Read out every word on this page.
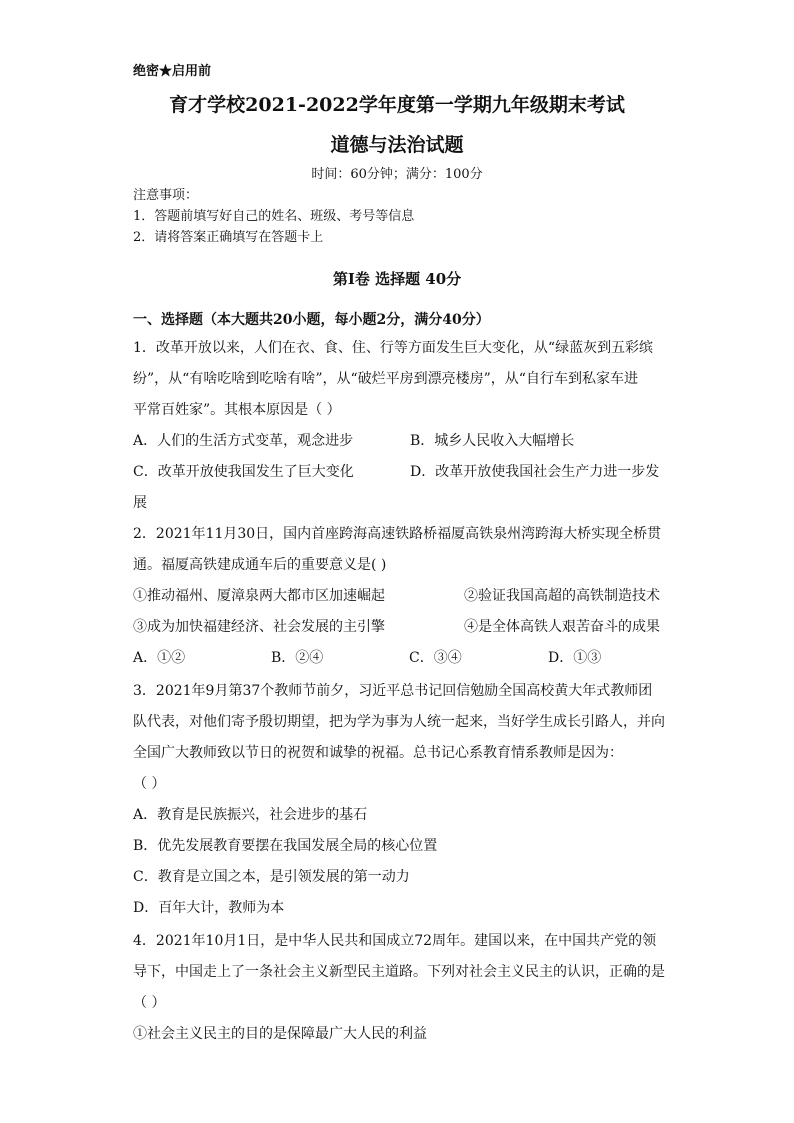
绝密★启用前
育才学校2021-2022学年度第一学期九年级期末考试
道德与法治试题
时间：60分钟；满分：100分
注意事项：
1．答题前填写好自己的姓名、班级、考号等信息
2．请将答案正确填写在答题卡上
第I卷 选择题 40分
一、选择题（本大题共20小题，每小题2分，满分40分）
1．改革开放以来，人们在衣、食、住、行等方面发生巨大变化，从“绿蓝灰到五彩缤
纷”，从“有啥吃啥到吃啥有啥”，从“破烂平房到漂亮楼房”，从“自行车到私家车进
平常百姓家”。其根本原因是（ ）
A．人们的生活方式变革，观念进步	B．城乡人民收入大幅增长
C．改革开放使我国发生了巨大变化	D．改革开放使我国社会生产力进一步发
展
2．2021年11月30日，国内首座跨海高速铁路桥福厦高铁泉州湾跨海大桥实现全桥贯
通。福厦高铁建成通车后的重要意义是( )
①推动福州、厦漳泉两大都市区加速崛起	②验证我国高超的高铁制造技术
③成为加快福建经济、社会发展的主引擎	④是全体高铁人艰苦奋斗的成果
A．①②	B．②④	C．③④	D．①③
3．2021年9月第37个教师节前夕，习近平总书记回信勉励全国高校黄大年式教师团
队代表，对他们寄予殷切期望，把为学为事为人统一起来，当好学生成长引路人，并向
全国广大教师致以节日的祝贺和诚挚的祝福。总书记心系教育情系教师是因为：
（ ）
A．教育是民族振兴，社会进步的基石
B．优先发展教育要摆在我国发展全局的核心位置
C．教育是立国之本，是引领发展的第一动力
D．百年大计，教师为本
4．2021年10月1日，是中华人民共和国成立72周年。建国以来，在中国共产党的领
导下，中国走上了一条社会主义新型民主道路。下列对社会主义民主的认识，正确的是
（ ）
①社会主义民主的目的是保障最广大人民的利益
